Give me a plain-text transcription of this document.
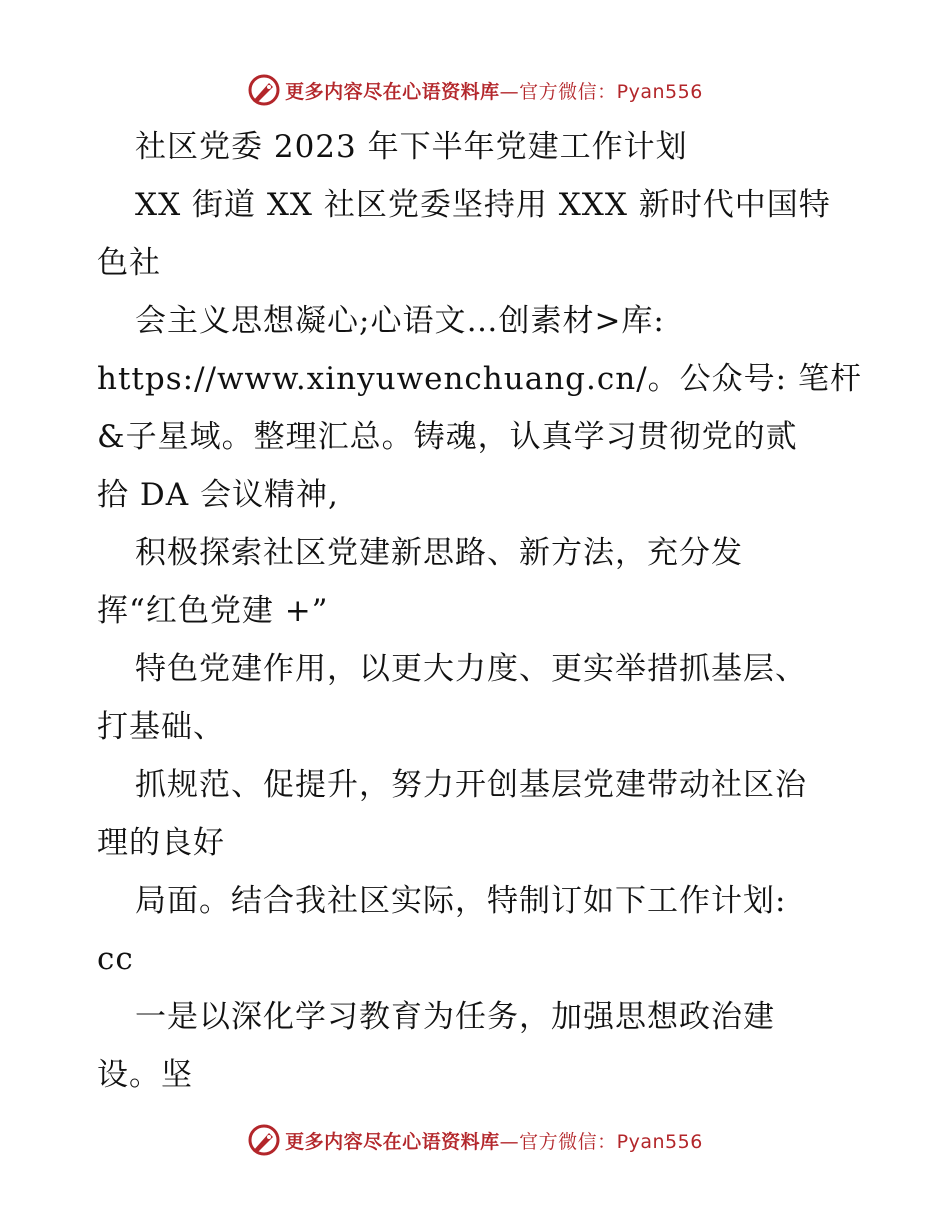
更多内容尽在心语资料库—官方微信：Pyan556
社区党委 2023 年下半年党建工作计划
XX 街道 XX 社区党委坚持用 XXX 新时代中国特
色社
会主义思想凝心;心语文…创素材>库:
https://www.xinyuwenchuang.cn/。公众号: 笔杆
&子星域。整理汇总。铸魂，认真学习贯彻党的贰
拾 DA 会议精神,
积极探索社区党建新思路、新方法，充分发
挥“红色党建 +”
特色党建作用，以更大力度、更实举措抓基层、
打基础、
抓规范、促提升，努力开创基层党建带动社区治
理的良好
局面。结合我社区实际，特制订如下工作计划:
cc
一是以深化学习教育为任务，加强思想政治建
设。坚
更多内容尽在心语资料库—官方微信：Pyan556
